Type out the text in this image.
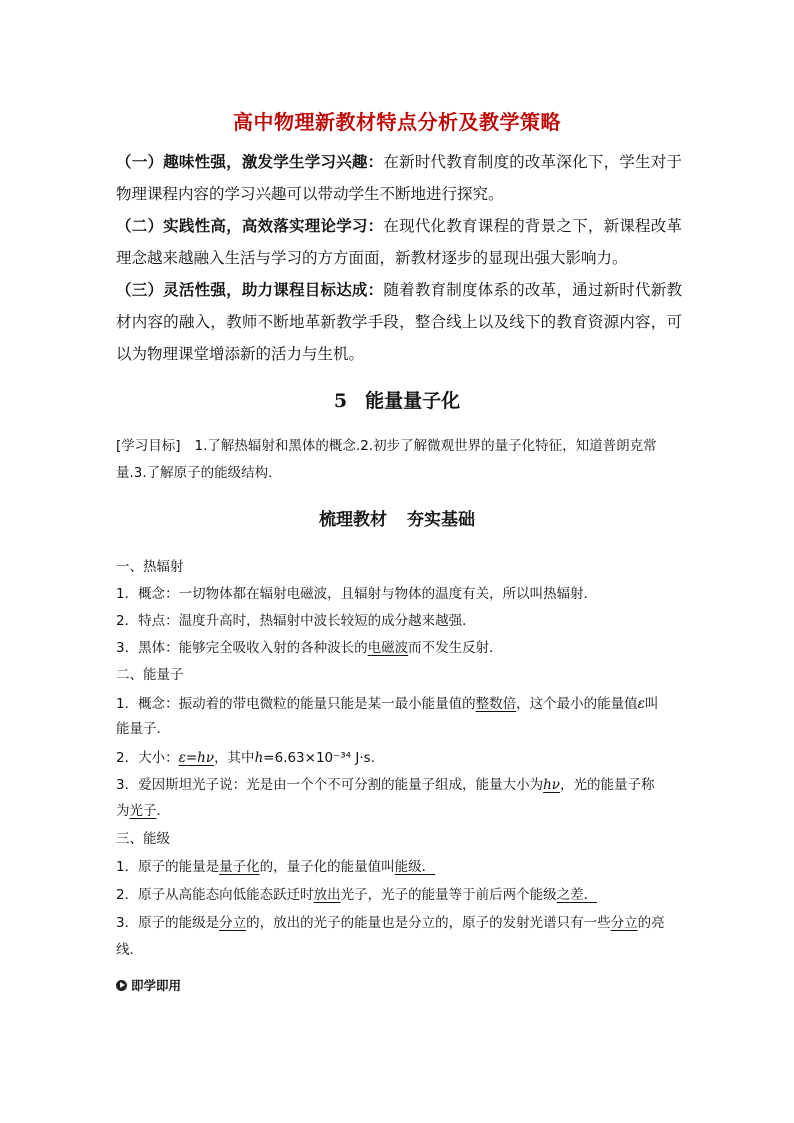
高中物理新教材特点分析及教学策略

（一）趣味性强，激发学生学习兴趣：在新时代教育制度的改革深化下，学生对于物理课程内容的学习兴趣可以带动学生不断地进行探究。

（二）实践性高，高效落实理论学习：在现代化教育课程的背景之下，新课程改革理念越来越融入生活与学习的方方面面，新教材逐步的显现出强大影响力。

（三）灵活性强，助力课程目标达成：随着教育制度体系的改革，通过新时代新教材内容的融入，教师不断地革新教学手段，整合线上以及线下的教育资源内容，可以为物理课堂增添新的活力与生机。

5 能量量子化

[学习目标] 1.了解热辐射和黑体的概念.2.初步了解微观世界的量子化特征，知道普朗克常量.3.了解原子的能级结构.

梳理教材 夯实基础
一、热辐射
1．概念：一切物体都在辐射电磁波，且辐射与物体的温度有关，所以叫热辐射．
2．特点：温度升高时，热辐射中波长较短的成分越来越强．
3．黑体：能够完全吸收入射的各种波长的电磁波而不发生反射．
二、能量子
1．概念：振动着的带电微粒的能量只能是某一最小能量值的整数倍，这个最小的能量值ε叫
能量子．
2．大小：ε=hν，其中h=6.63×10⁻³⁴ J·s.
3．爱因斯坦光子说：光是由一个个不可分割的能量子组成，能量大小为hν，光的能量子称
为光子．
三、能级
1．原子的能量是量子化的，量子化的能量值叫能级．
2．原子从高能态向低能态跃迁时放出光子，光子的能量等于前后两个能级之差．
3．原子的能级是分立的，放出的光子的能量也是分立的，原子的发射光谱只有一些分立的亮
线．
即学即用
